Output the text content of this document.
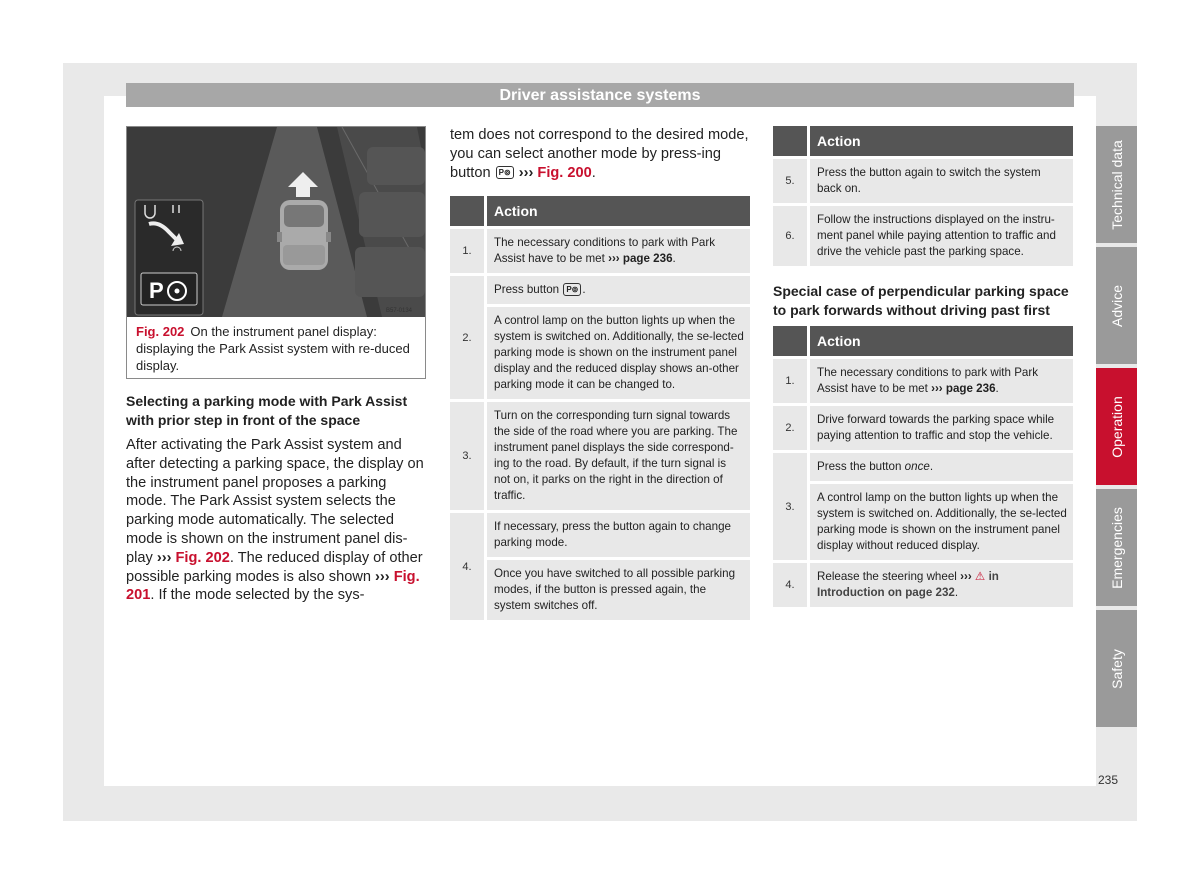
Driver assistance systems
P
B57-0134
Fig. 202 On the instrument panel display: displaying the Park Assist system with re-duced display.
Selecting a parking mode with Park Assist with prior step in front of the space
After activating the Park Assist system and after detecting a parking space, the display on the instrument panel proposes a parking mode. The Park Assist system selects the parking mode automatically. The selected mode is shown on the instrument panel dis- play ››› Fig. 202. The reduced display of other possible parking modes is also shown ››› Fig. 201. If the mode selected by the sys-
tem does not correspond to the desired mode, you can select another mode by press-ing button P⊚ ››› Fig. 200.
Action
1.
The necessary conditions to park with Park Assist have to be met ››› page 236.
2.
Press button P⊚ .
A control lamp on the button lights up when the system is switched on. Additionally, the se-lected parking mode is shown on the instrument panel display and the reduced display shows an-other parking mode it can be changed to.
3.
Turn on the corresponding turn signal towards the side of the road where you are parking. The instrument panel displays the side correspond-ing to the road. By default, if the turn signal is not on, it parks on the right in the direction of traffic.
4.
If necessary, press the button again to change parking mode.
Once you have switched to all possible parking modes, if the button is pressed again, the system switches off.
Action
5.
Press the button again to switch the system back on.
6.
Follow the instructions displayed on the instru-ment panel while paying attention to traffic and drive the vehicle past the parking space.
Special case of perpendicular parking space to park forwards without driving past first
Action
1.
The necessary conditions to park with Park Assist have to be met ››› page 236.
2.
Drive forward towards the parking space while paying attention to traffic and stop the vehicle.
3.
Press the button once.
A control lamp on the button lights up when the system is switched on. Additionally, the se-lected parking mode is shown on the instrument panel display without reduced display.
4.
Release the steering wheel ››› ⚠ in Introduction on page 232.
Technical data
Advice
Operation
Emergencies
Safety
235
